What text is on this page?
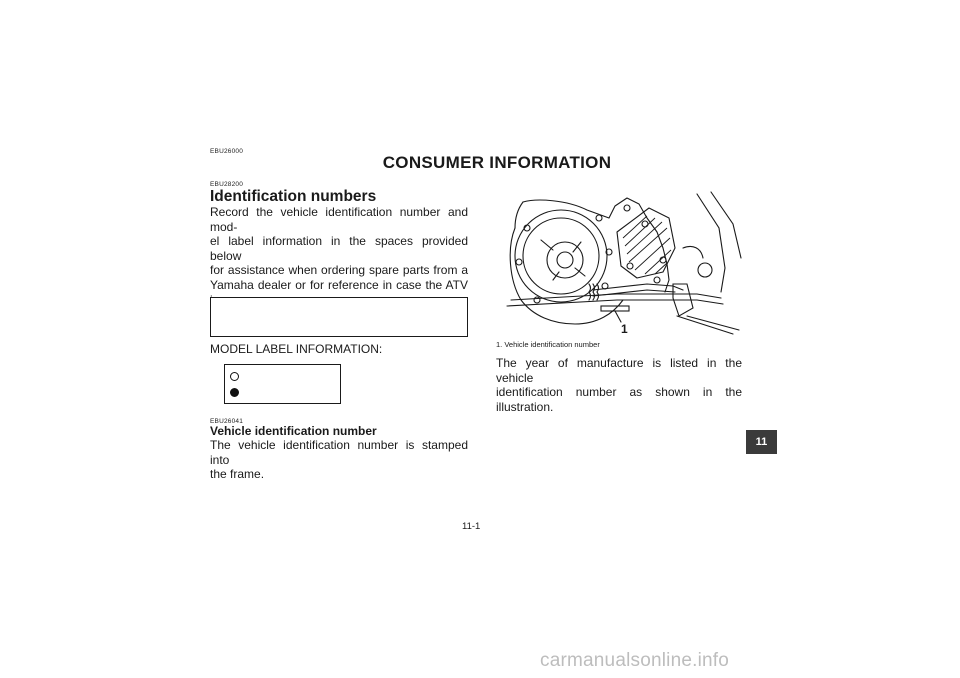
EBU26000
CONSUMER INFORMATION
EBU28200
Identification numbers
Record the vehicle identification number and mod-
el label information in the spaces provided below
for assistance when ordering spare parts from a
Yamaha dealer or for reference in case the ATV
MODEL LABEL INFORMATION:
EBU26041
Vehicle identification number
The vehicle identification number is stamped into
the frame.
1
1. Vehicle identification number
The year of manufacture is listed in the vehicle
identification number as shown in the illustration.
11
11-1
carmanualsonline.info
